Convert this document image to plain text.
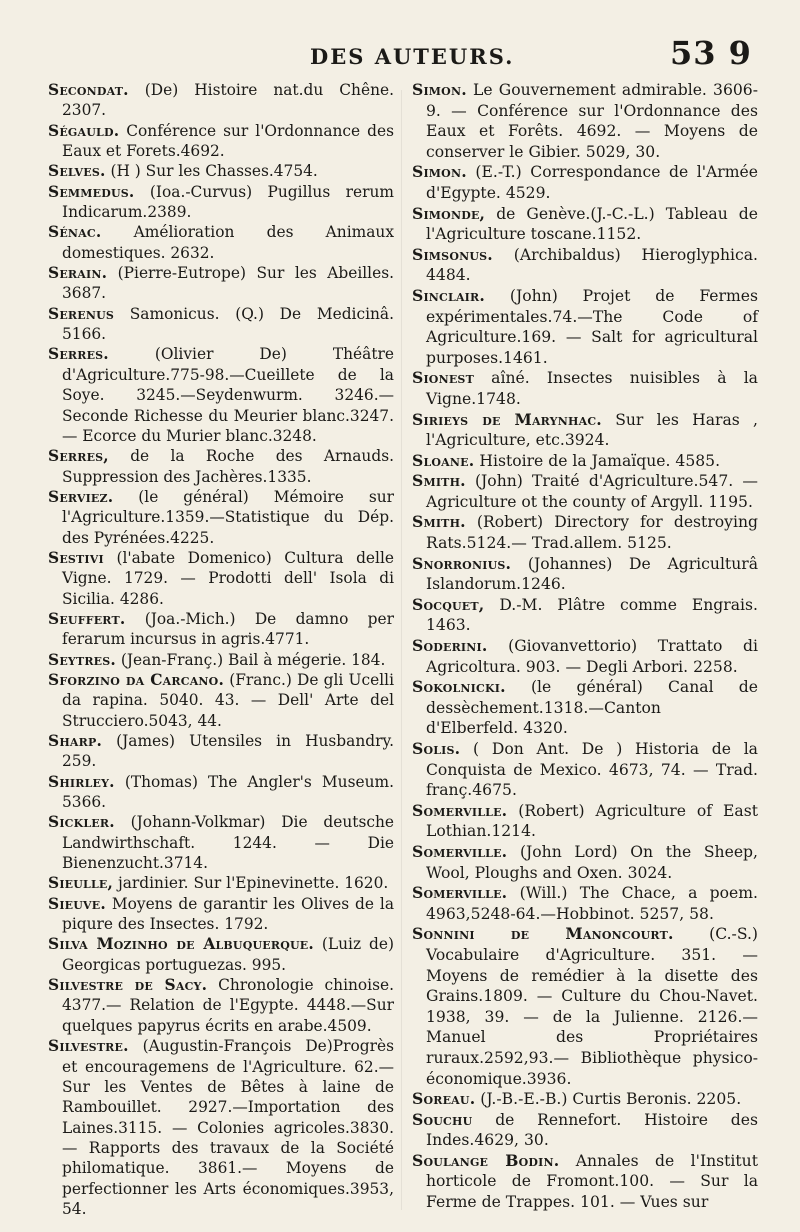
DES AUTEURS.	53 9

Secondat. (De) Histoire nat.du Chêne. 2307.

Ségauld. Conférence sur l'Ordonnance des Eaux et Forets.4692.

Selves. (H ) Sur les Chasses.4754.

Semmedus. (Ioa.-Curvus) Pugillus rerum Indicarum.2389.

Sénac. Amélioration des Animaux domestiques. 2632.

Serain. (Pierre-Eutrope) Sur les Abeilles. 3687.

Serenus Samonicus. (Q.) De Medicinâ. 5166.

Serres.	(Olivier De) Théâtre d'Agriculture.775-98.—Cueillete de la Soye. 3245.—Seydenwurm. 3246.—Seconde Richesse du Meurier blanc.3247.— Ecorce du Murier blanc.3248.

Serres, de la Roche des Arnauds. Suppression des Jachères.1335.

Serviez. (le général) Mémoire sur l'Agriculture.1359.—Statistique du Dép. des Pyrénées.4225.

Sestivi (l'abate Domenico) Cultura delle Vigne. 1729. — Prodotti dell' Isola di Sicilia. 4286.

Seuffert. (Joa.-Mich.) De damno per ferarum incursus in agris.4771.

Seytres. (Jean-Franç.) Bail à mégerie. 184.

Sforzino da Carcano. (Franc.) De gli Ucelli da rapina. 5040. 43. — Dell' Arte del Strucciero.5043, 44.

Sharp. (James) Utensiles in Husbandry. 259.

Shirley. (Thomas) The Angler's Museum. 5366.

Sickler. (Johann-Volkmar) Die deutsche Landwirthschaft. 1244. — Die Bienenzucht.3714.

Sieulle, jardinier. Sur l'Epinevinette. 1620.

Sieuve. Moyens de garantir les Olives de la piqure des Insectes. 1792.

Silva Mozinho de Albuquerque. (Luiz de) Georgicas portuguezas. 995.

Silvestre de Sacy. Chronologie chinoise. 4377.— Relation de l'Egypte. 4448.—Sur quelques papyrus écrits en arabe.4509.

Silvestre. (Augustin-François De)Progrès et encouragemens de l'Agriculture. 62.—Sur les Ventes de Bêtes à laine de Rambouillet. 2927.—Importation des Laines.3115. — Colonies agricoles.3830.— Rapports des travaux de la Société philomatique. 3861.— Moyens de perfectionner les Arts économiques.3953, 54.

Simon. Le Gouvernement admirable. 3606-9. — Conférence sur l'Ordonnance des Eaux et Forêts. 4692. — Moyens de conserver le Gibier. 5029, 30.

Simon. (E.-T.) Correspondance de l'Armée d'Egypte. 4529.

Simonde, de Genève.(J.-C.-L.) Tableau de l'Agriculture toscane.1152.

Simsonus. (Archibaldus) Hieroglyphica. 4484.

Sinclair. (John) Projet de Fermes expérimentales.74.—The Code of Agriculture.169. — Salt for agricultural purposes.1461.

Sionest aîné. Insectes nuisibles à la Vigne.1748.

Sirieys de Marynhac. Sur les Haras , l'Agriculture, etc.3924.

Sloane. Histoire de la Jamaïque. 4585.

Smith. (John) Traité d'Agriculture.547. —Agriculture ot the county of Argyll. 1195.

Smith. (Robert) Directory for destroying Rats.5124.— Trad.allem. 5125.

Snorronius. (Johannes) De Agriculturâ Islandorum.1246.

Socquet, D.-M. Plâtre comme Engrais. 1463.

Soderini. (Giovanvettorio) Trattato di Agricoltura. 903. — Degli Arbori. 2258.

Sokolnicki. (le général) Canal de dessèchement.1318.—Canton d'Elberfeld. 4320.

Solis. ( Don Ant. De ) Historia de la Conquista de Mexico. 4673, 74. — Trad. franç.4675.

Somerville. (Robert) Agriculture of East Lothian.1214.

Somerville. (John Lord) On the Sheep, Wool, Ploughs and Oxen. 3024.

Somerville. (Will.) The Chace, a poem. 4963,5248-64.—Hobbinot. 5257, 58.

Sonnini de Manoncourt. (C.-S.) Vocabulaire d'Agriculture. 351. — Moyens de remédier à la disette des Grains.1809. — Culture du Chou-Navet. 1938, 39. — de la Julienne. 2126.— Manuel des Propriétaires ruraux.2592,93.— Bibliothèque physico-économique.3936.

Soreau. (J.-B.-E.-B.) Curtis Beronis. 2205.

Souchu de Rennefort. Histoire des Indes.4629, 30.

Soulange Bodin. Annales de l'Institut horticole de Fromont.100. — Sur la Ferme de Trappes. 101. — Vues sur
